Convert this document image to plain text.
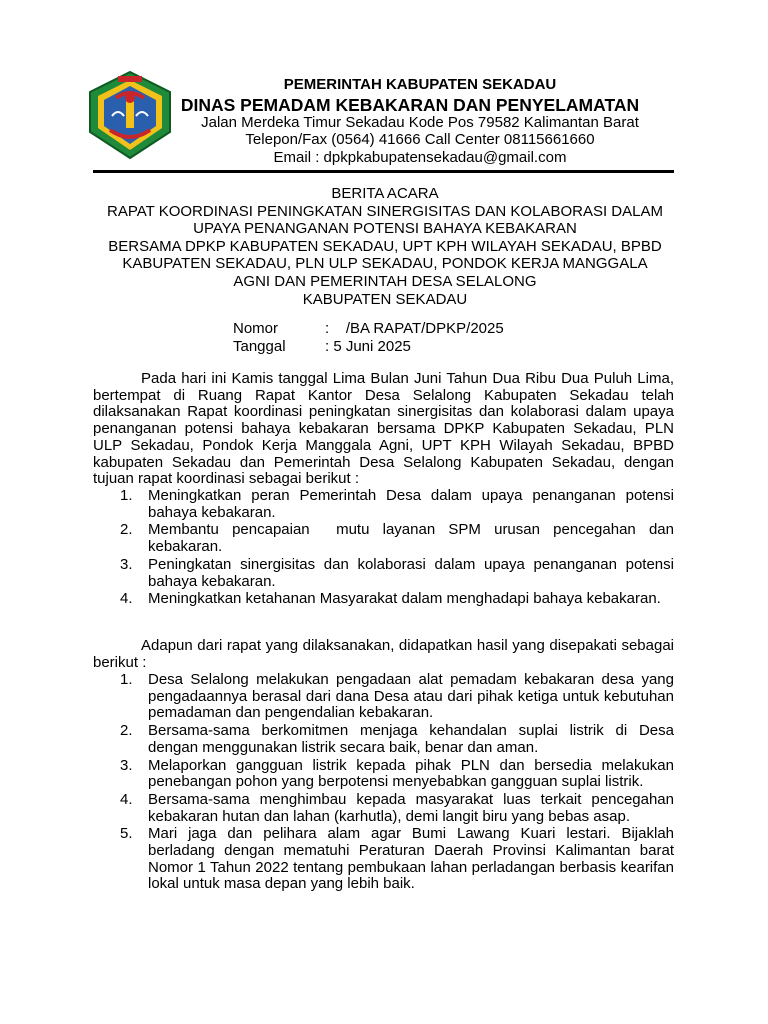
PEMERINTAH KABUPATEN SEKADAU
DINAS PEMADAM KEBAKARAN DAN PENYELAMATAN
Jalan Merdeka Timur Sekadau Kode Pos 79582 Kalimantan Barat
Telepon/Fax (0564) 41666 Call Center 08115661660
Email : dpkpkabupatensekadau@gmail.com
BERITA ACARA
RAPAT KOORDINASI PENINGKATAN SINERGISITAS DAN KOLABORASI DALAM
UPAYA PENANGANAN POTENSI BAHAYA KEBAKARAN
BERSAMA DPKP KABUPATEN SEKADAU, UPT KPH WILAYAH SEKADAU, BPBD
KABUPATEN SEKADAU, PLN ULP SEKADAU, PONDOK KERJA MANGGALA
AGNI DAN PEMERINTAH DESA SELALONG
KABUPATEN SEKADAU
Nomor	:    /BA RAPAT/DPKP/2025
Tanggal	: 5 Juni 2025

Pada hari ini Kamis tanggal Lima Bulan Juni Tahun Dua Ribu Dua Puluh Lima, bertempat di Ruang Rapat Kantor Desa Selalong Kabupaten Sekadau telah dilaksanakan Rapat koordinasi peningkatan sinergisitas dan kolaborasi dalam upaya penanganan potensi bahaya kebakaran bersama DPKP Kabupaten Sekadau, PLN ULP Sekadau, Pondok Kerja Manggala Agni, UPT KPH Wilayah Sekadau, BPBD kabupaten Sekadau dan Pemerintah Desa Selalong Kabupaten Sekadau, dengan tujuan rapat koordinasi sebagai berikut :

1.	Meningkatkan peran Pemerintah Desa dalam upaya penanganan potensi bahaya kebakaran.
2.	Membantu pencapaian  mutu layanan SPM urusan pencegahan dan kebakaran.
3.	Peningkatan sinergisitas dan kolaborasi dalam upaya penanganan potensi bahaya kebakaran.
4.	Meningkatkan ketahanan Masyarakat dalam menghadapi bahaya kebakaran.

Adapun dari rapat yang dilaksanakan, didapatkan hasil yang disepakati sebagai berikut :

1.	Desa Selalong melakukan pengadaan alat pemadam kebakaran desa yang pengadaannya berasal dari dana Desa atau dari pihak ketiga untuk kebutuhan pemadaman dan pengendalian kebakaran.
2.	Bersama-sama berkomitmen menjaga kehandalan suplai listrik di Desa dengan menggunakan listrik secara baik, benar dan aman.
3.	Melaporkan gangguan listrik kepada pihak PLN dan bersedia melakukan penebangan pohon yang berpotensi menyebabkan gangguan suplai listrik.
4.	Bersama-sama menghimbau kepada masyarakat luas terkait pencegahan kebakaran hutan dan lahan (karhutla), demi langit biru yang bebas asap.
5.	Mari jaga dan pelihara alam agar Bumi Lawang Kuari lestari. Bijaklah berladang dengan mematuhi Peraturan Daerah Provinsi Kalimantan barat Nomor 1 Tahun 2022 tentang pembukaan lahan perladangan berbasis kearifan lokal untuk masa depan yang lebih baik.
